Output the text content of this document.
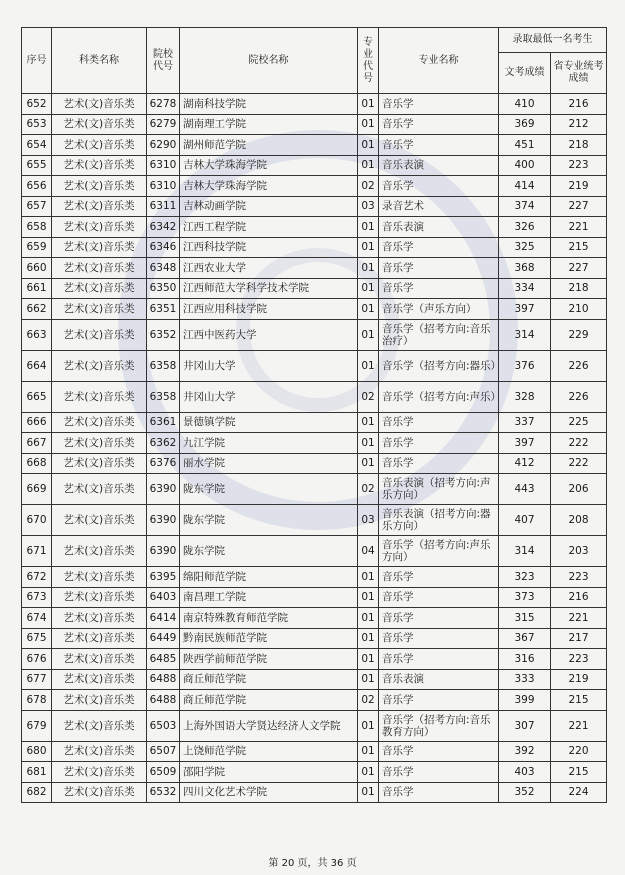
序号	科类名称	院校代号	院校名称	专业代号	专业名称	录取最低一名考生	
						文考成绩	省专业统考成绩
652	艺术(文)音乐类	6278	湖南科技学院	01	音乐学	410	216
653	艺术(文)音乐类	6279	湖南理工学院	01	音乐学	369	212
654	艺术(文)音乐类	6290	湖州师范学院	01	音乐学	451	218
655	艺术(文)音乐类	6310	吉林大学珠海学院	01	音乐表演	400	223
656	艺术(文)音乐类	6310	吉林大学珠海学院	02	音乐学	414	219
657	艺术(文)音乐类	6311	吉林动画学院	03	录音艺术	374	227
658	艺术(文)音乐类	6342	江西工程学院	01	音乐表演	326	221
659	艺术(文)音乐类	6346	江西科技学院	01	音乐学	325	215
660	艺术(文)音乐类	6348	江西农业大学	01	音乐学	368	227
661	艺术(文)音乐类	6350	江西师范大学科学技术学院	01	音乐学	334	218
662	艺术(文)音乐类	6351	江西应用科技学院	01	音乐学（声乐方向）	397	210
663	艺术(文)音乐类	6352	江西中医药大学	01	音乐学（招考方向:音乐治疗）	314	229
664	艺术(文)音乐类	6358	井冈山大学	01	音乐学（招考方向:器乐）	376	226
665	艺术(文)音乐类	6358	井冈山大学	02	音乐学（招考方向:声乐）	328	226
666	艺术(文)音乐类	6361	景德镇学院	01	音乐学	337	225
667	艺术(文)音乐类	6362	九江学院	01	音乐学	397	222
668	艺术(文)音乐类	6376	丽水学院	01	音乐学	412	222
669	艺术(文)音乐类	6390	陇东学院	02	音乐表演（招考方向:声乐方向）	443	206
670	艺术(文)音乐类	6390	陇东学院	03	音乐表演（招考方向:器乐方向）	407	208
671	艺术(文)音乐类	6390	陇东学院	04	音乐学（招考方向:声乐方向）	314	203
672	艺术(文)音乐类	6395	绵阳师范学院	01	音乐学	323	223
673	艺术(文)音乐类	6403	南昌理工学院	01	音乐学	373	216
674	艺术(文)音乐类	6414	南京特殊教育师范学院	01	音乐学	315	221
675	艺术(文)音乐类	6449	黔南民族师范学院	01	音乐学	367	217
676	艺术(文)音乐类	6485	陕西学前师范学院	01	音乐学	316	223
677	艺术(文)音乐类	6488	商丘师范学院	01	音乐表演	333	219
678	艺术(文)音乐类	6488	商丘师范学院	02	音乐学	399	215
679	艺术(文)音乐类	6503	上海外国语大学贤达经济人文学院	01	音乐学（招考方向:音乐教育方向）	307	221
680	艺术(文)音乐类	6507	上饶师范学院	01	音乐学	392	220
681	艺术(文)音乐类	6509	邵阳学院	01	音乐学	403	215
682	艺术(文)音乐类	6532	四川文化艺术学院	01	音乐学	352	224
第 20 页，共 36 页
